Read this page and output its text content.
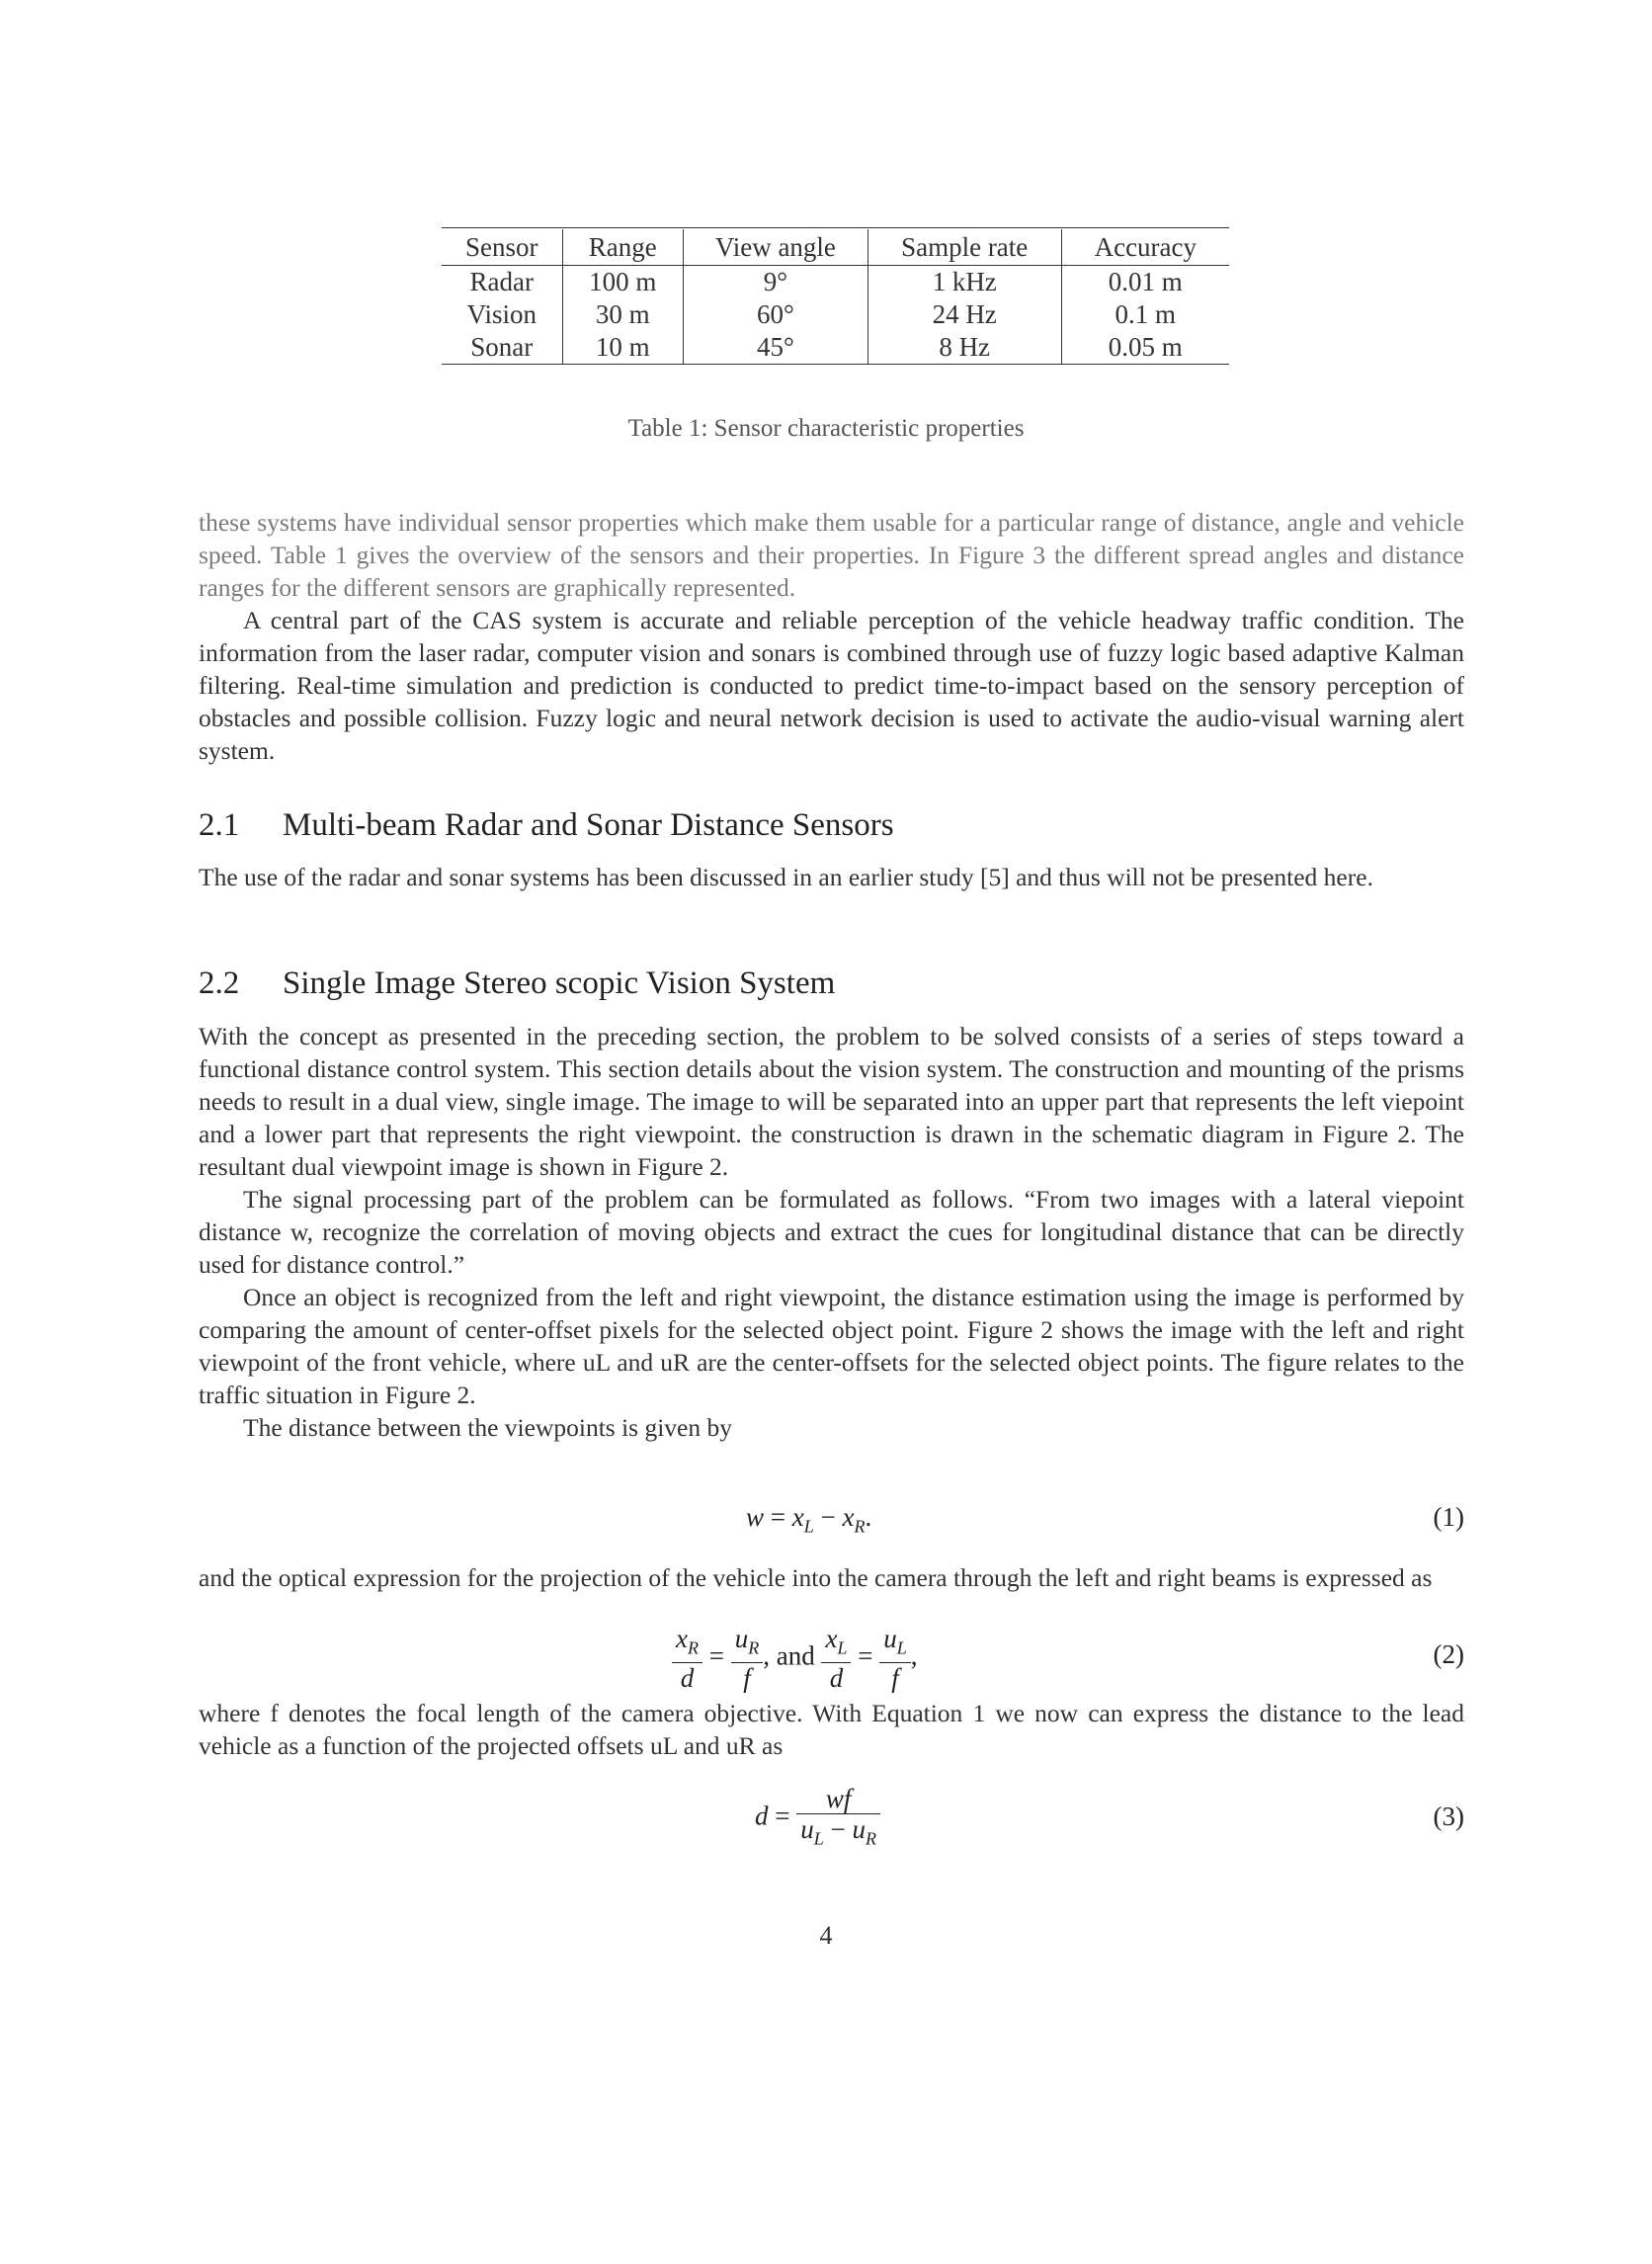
Sensor	Range	View angle	Sample rate	Accuracy
Radar	100 m	9°	1 kHz	0.01 m
Vision	30 m	60°	24 Hz	0.1 m
Sonar	10 m	45°	8 Hz	0.05 m
Table 1: Sensor characteristic properties

these systems have individual sensor properties which make them usable for a particular range of distance, angle and vehicle speed. Table 1 gives the overview of the sensors and their properties. In Figure 3 the different spread angles and distance ranges for the different sensors are graphically represented.

A central part of the CAS system is accurate and reliable perception of the vehicle headway traffic condition. The information from the laser radar, computer vision and sonars is combined through use of fuzzy logic based adaptive Kalman filtering. Real-time simulation and prediction is conducted to predict time-to-impact based on the sensory perception of obstacles and possible collision. Fuzzy logic and neural network decision is used to activate the audio-visual warning alert system.

2.1 Multi-beam Radar and Sonar Distance Sensors

The use of the radar and sonar systems has been discussed in an earlier study [5] and thus will not be presented here.

2.2 Single Image Stereo scopic Vision System

With the concept as presented in the preceding section, the problem to be solved consists of a series of steps toward a functional distance control system. This section details about the vision system. The construction and mounting of the prisms needs to result in a dual view, single image. The image to will be separated into an upper part that represents the left viepoint and a lower part that represents the right viewpoint. the construction is drawn in the schematic diagram in Figure 2. The resultant dual viewpoint image is shown in Figure 2.

The signal processing part of the problem can be formulated as follows. “From two images with a lateral viepoint distance w, recognize the correlation of moving objects and extract the cues for longitudinal distance that can be directly used for distance control.”

Once an object is recognized from the left and right viewpoint, the distance estimation using the image is performed by comparing the amount of center-offset pixels for the selected object point. Figure 2 shows the image with the left and right viewpoint of the front vehicle, where uL and uR are the center-offsets for the selected object points. The figure relates to the traffic situation in Figure 2.

The distance between the viewpoints is given by

$w = x_L - x_R$.	(1)

and the optical expression for the projection of the vehicle into the camera through the left and right beams is expressed as

$\frac{x_R}{d} = \frac{u_R}{f}$ , and $\frac{x_L}{d} = \frac{u_L}{f}$ ,	(2)

where f denotes the focal length of the camera objective. With Equation 1 we now can express the distance to the lead vehicle as a function of the projected offsets uL and uR as

$d = \frac{wf}{u_L - u_R}$	(3)
4
